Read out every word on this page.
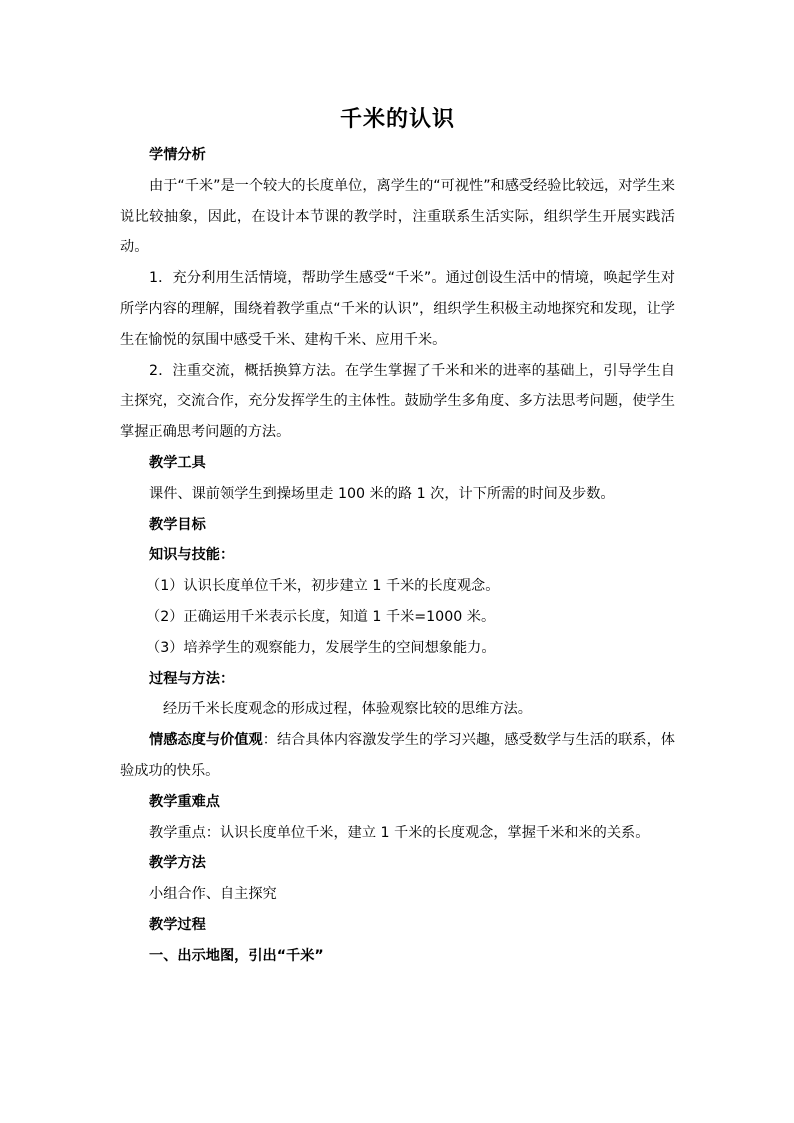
千米的认识

学情分析

由于“千米”是一个较大的长度单位，离学生的“可视性”和感受经验比较远，对学生来说比较抽象，因此，在设计本节课的教学时，注重联系生活实际，组织学生开展实践活动。

1．充分利用生活情境，帮助学生感受“千米”。通过创设生活中的情境，唤起学生对所学内容的理解，围绕着教学重点“千米的认识”，组织学生积极主动地探究和发现，让学生在愉悦的氛围中感受千米、建构千米、应用千米。

2．注重交流，概括换算方法。在学生掌握了千米和米的进率的基础上，引导学生自主探究，交流合作，充分发挥学生的主体性。鼓励学生多角度、多方法思考问题，使学生掌握正确思考问题的方法。

教学工具

课件、课前领学生到操场里走 100 米的路 1 次，计下所需的时间及步数。

教学目标

知识与技能：

（1）认识长度单位千米，初步建立 1 千米的长度观念。

（2）正确运用千米表示长度，知道 1 千米=1000 米。

（3）培养学生的观察能力，发展学生的空间想象能力。

过程与方法：

经历千米长度观念的形成过程，体验观察比较的思维方法。

情感态度与价值观：结合具体内容激发学生的学习兴趣，感受数学与生活的联系，体验成功的快乐。

教学重难点

教学重点：认识长度单位千米，建立 1 千米的长度观念，掌握千米和米的关系。

教学方法

小组合作、自主探究

教学过程

一、出示地图，引出“千米”
